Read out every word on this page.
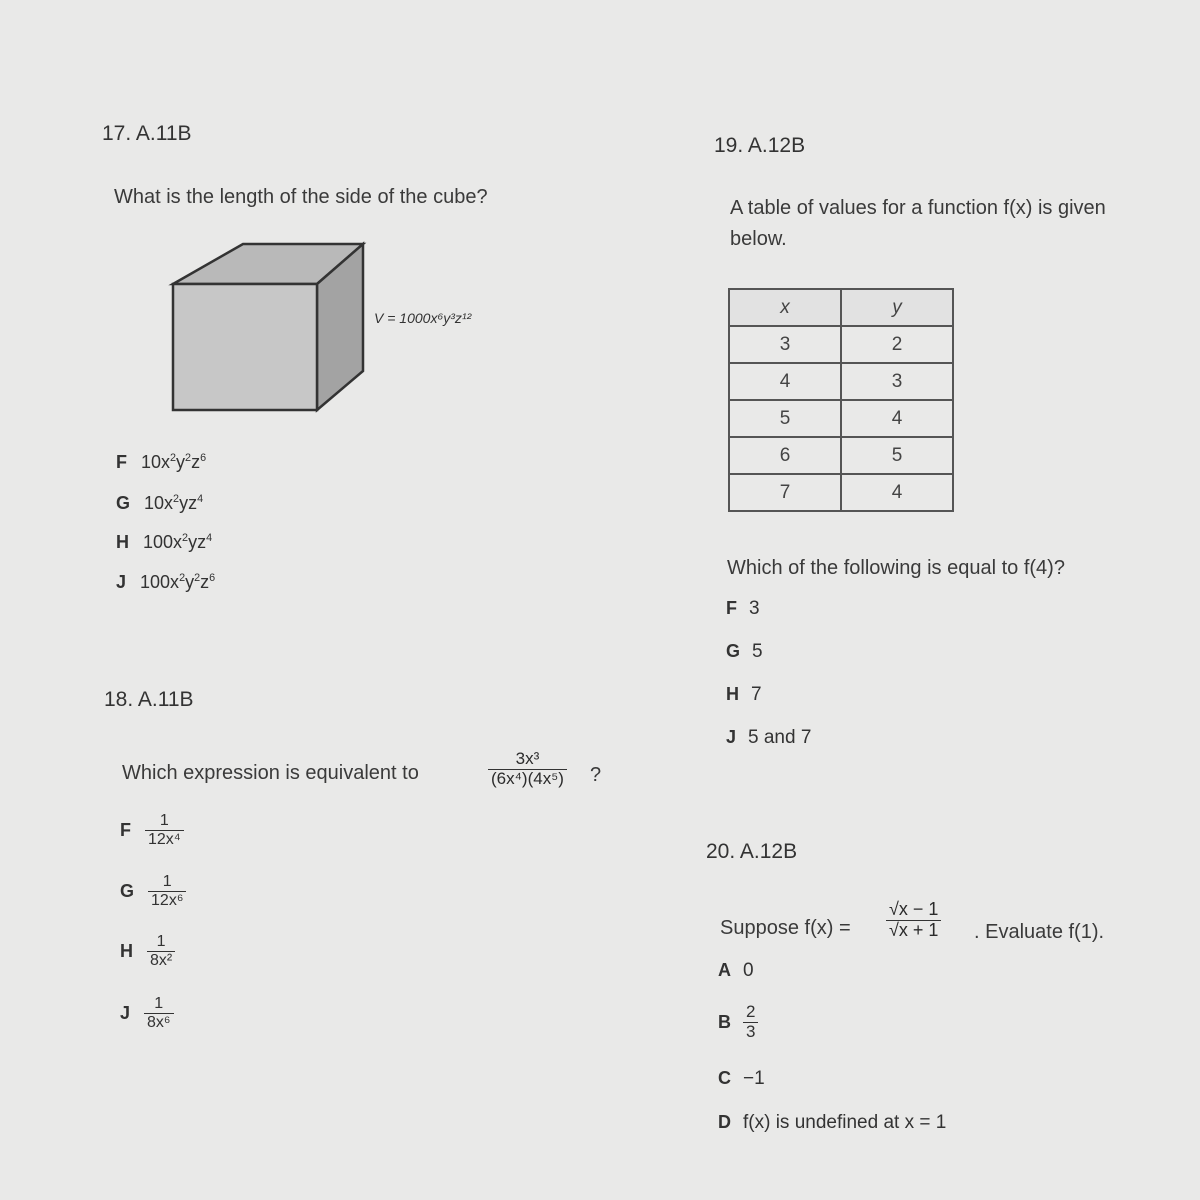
17. A.11B
What is the length of the side of the cube?
V = 1000x⁶y³z¹²
F $10x^2y^2z^6$
G $10x^2yz^4$
H $100x^2yz^4$
J $100x^2y^2z^6$
18. A.11B
Which expression is equivalent to	$\frac{\text{3x³}}{\text{(6x⁴)(4x⁵)}}$ ?
F $\frac{1}{\text{12x⁴}}$
G $\frac{1}{\text{12x⁶}}$
H $\frac{1}{\text{8x²}}$
J $\frac{1}{\text{8x⁶}}$
19. A.12B
A table of values for a function f(x) is given
below.
x	y
3	2
4	3
5	4
6	5
7	4
Which of the following is equal to f(4)?
F 3
G 5
H 7
J 5 and 7
20. A.12B
Suppose $f(x) = \frac{√x - 1}{√x + 1}$ . Evaluate f(1).
A 0
B $\frac{2}{3}$
C −1
D f(x) is undefined at x = 1
